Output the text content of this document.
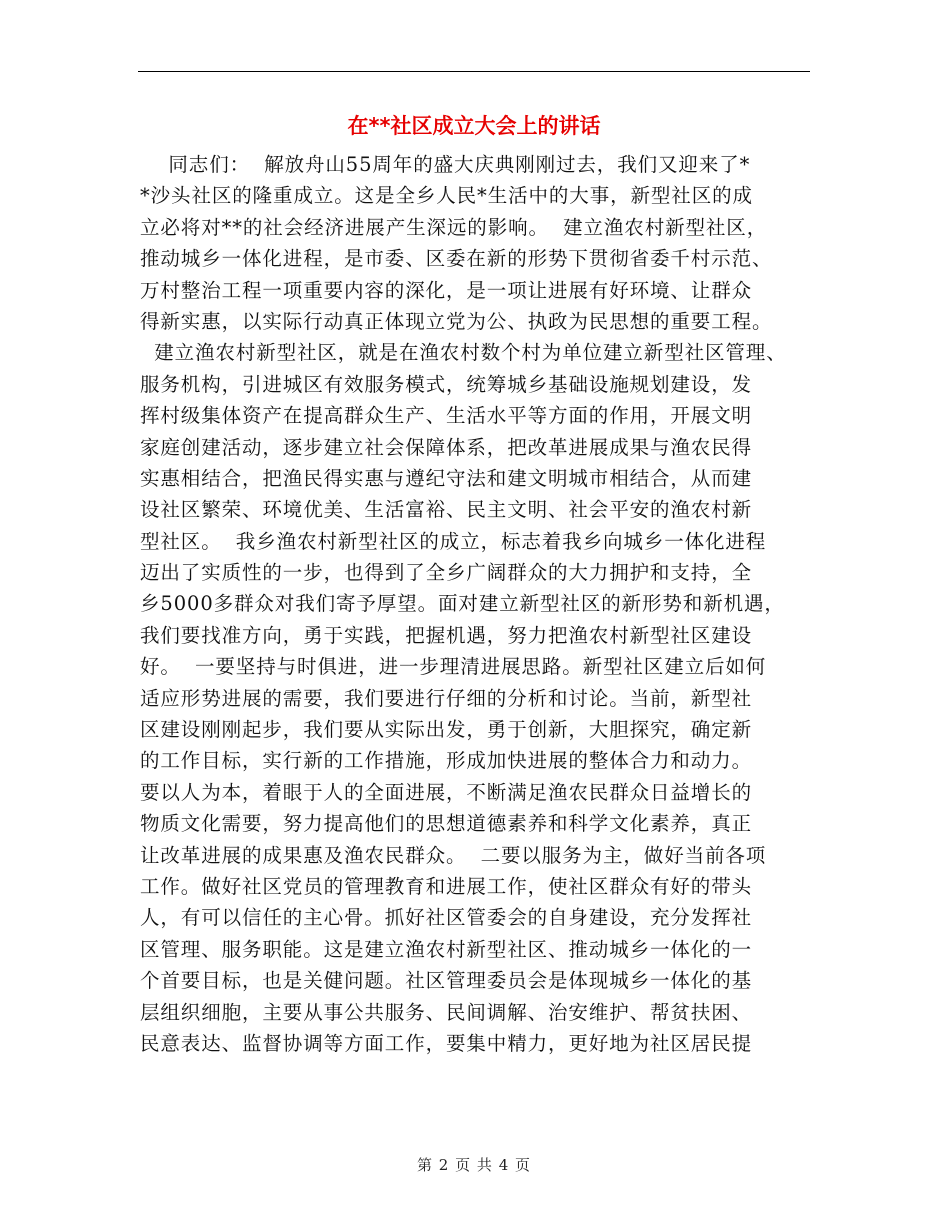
在**社区成立大会上的讲话
同志们：  解放舟山55周年的盛大庆典刚刚过去，我们又迎来了*
*沙头社区的隆重成立。这是全乡人民*生活中的大事，新型社区的成
立必将对**的社会经济进展产生深远的影响。  建立渔农村新型社区，
推动城乡一体化进程，是市委、区委在新的形势下贯彻省委千村示范、
万村整治工程一项重要内容的深化，是一项让进展有好环境、让群众
得新实惠，以实际行动真正体现立党为公、执政为民思想的重要工程。
建立渔农村新型社区，就是在渔农村数个村为单位建立新型社区管理、
服务机构，引进城区有效服务模式，统筹城乡基础设施规划建设，发
挥村级集体资产在提高群众生产、生活水平等方面的作用，开展文明
家庭创建活动，逐步建立社会保障体系，把改革进展成果与渔农民得
实惠相结合，把渔民得实惠与遵纪守法和建文明城市相结合，从而建
设社区繁荣、环境优美、生活富裕、民主文明、社会平安的渔农村新
型社区。  我乡渔农村新型社区的成立，标志着我乡向城乡一体化进程
迈出了实质性的一步，也得到了全乡广阔群众的大力拥护和支持，全
乡5000多群众对我们寄予厚望。面对建立新型社区的新形势和新机遇，
我们要找准方向，勇于实践，把握机遇，努力把渔农村新型社区建设
好。  一要坚持与时俱进，进一步理清进展思路。新型社区建立后如何
适应形势进展的需要，我们要进行仔细的分析和讨论。当前，新型社
区建设刚刚起步，我们要从实际出发，勇于创新，大胆探究，确定新
的工作目标，实行新的工作措施，形成加快进展的整体合力和动力。
要以人为本，着眼于人的全面进展，不断满足渔农民群众日益增长的
物质文化需要，努力提高他们的思想道德素养和科学文化素养，真正
让改革进展的成果惠及渔农民群众。  二要以服务为主，做好当前各项
工作。做好社区党员的管理教育和进展工作，使社区群众有好的带头
人，有可以信任的主心骨。抓好社区管委会的自身建设，充分发挥社
区管理、服务职能。这是建立渔农村新型社区、推动城乡一体化的一
个首要目标，也是关健问题。社区管理委员会是体现城乡一体化的基
层组织细胞，主要从事公共服务、民间调解、治安维护、帮贫扶困、
民意表达、监督协调等方面工作，要集中精力，更好地为社区居民提
第 2 页 共 4 页
